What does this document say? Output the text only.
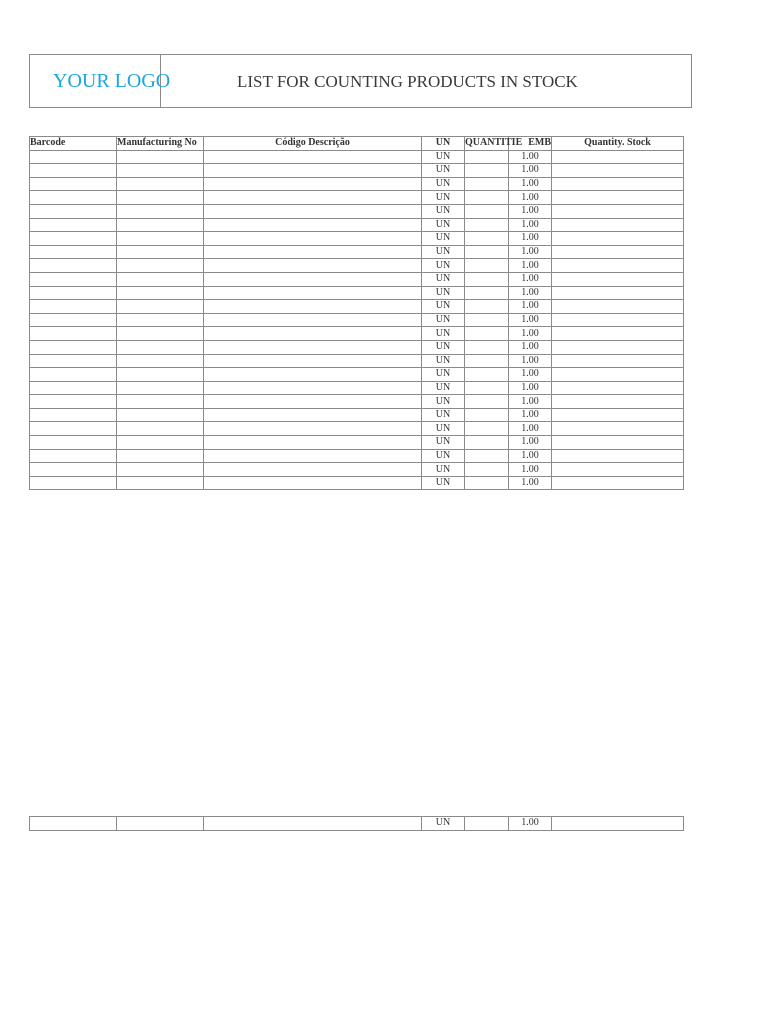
YOUR LOGO	LIST FOR COUNTING PRODUCTS IN STOCK
Barcode	Manufacturing No	Código Descrição	UN	QUANTITIE	EMB	Quantity. Stock
			UN		1.00	
			UN		1.00	
			UN		1.00	
			UN		1.00	
			UN		1.00	
			UN		1.00	
			UN		1.00	
			UN		1.00	
			UN		1.00	
			UN		1.00	
			UN		1.00	
			UN		1.00	
			UN		1.00	
			UN		1.00	
			UN		1.00	
			UN		1.00	
			UN		1.00	
			UN		1.00	
			UN		1.00	
			UN		1.00	
			UN		1.00	
			UN		1.00	
			UN		1.00	
			UN		1.00	
			UN		1.00	
			UN		1.00	
